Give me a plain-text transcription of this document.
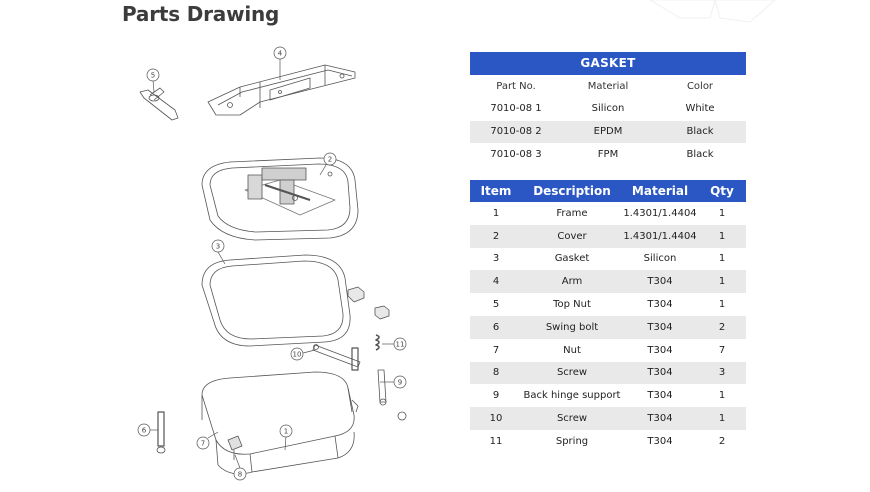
Parts Drawing
4
5
2
3
10
11
9
1
6
7
8
GASKET		
Part No.	Material	Color
7010-08 1	Silicon	White
7010-08 2	EPDM	Black
7010-08 3	FPM	Black
Item	Description	Material	Qty
1	Frame	1.4301/1.4404	1
2	Cover	1.4301/1.4404	1
3	Gasket	Silicon	1
4	Arm	T304	1
5	Top Nut	T304	1
6	Swing bolt	T304	2
7	Nut	T304	7
8	Screw	T304	3
9	Back hinge support	T304	1
10	Screw	T304	1
11	Spring	T304	2
